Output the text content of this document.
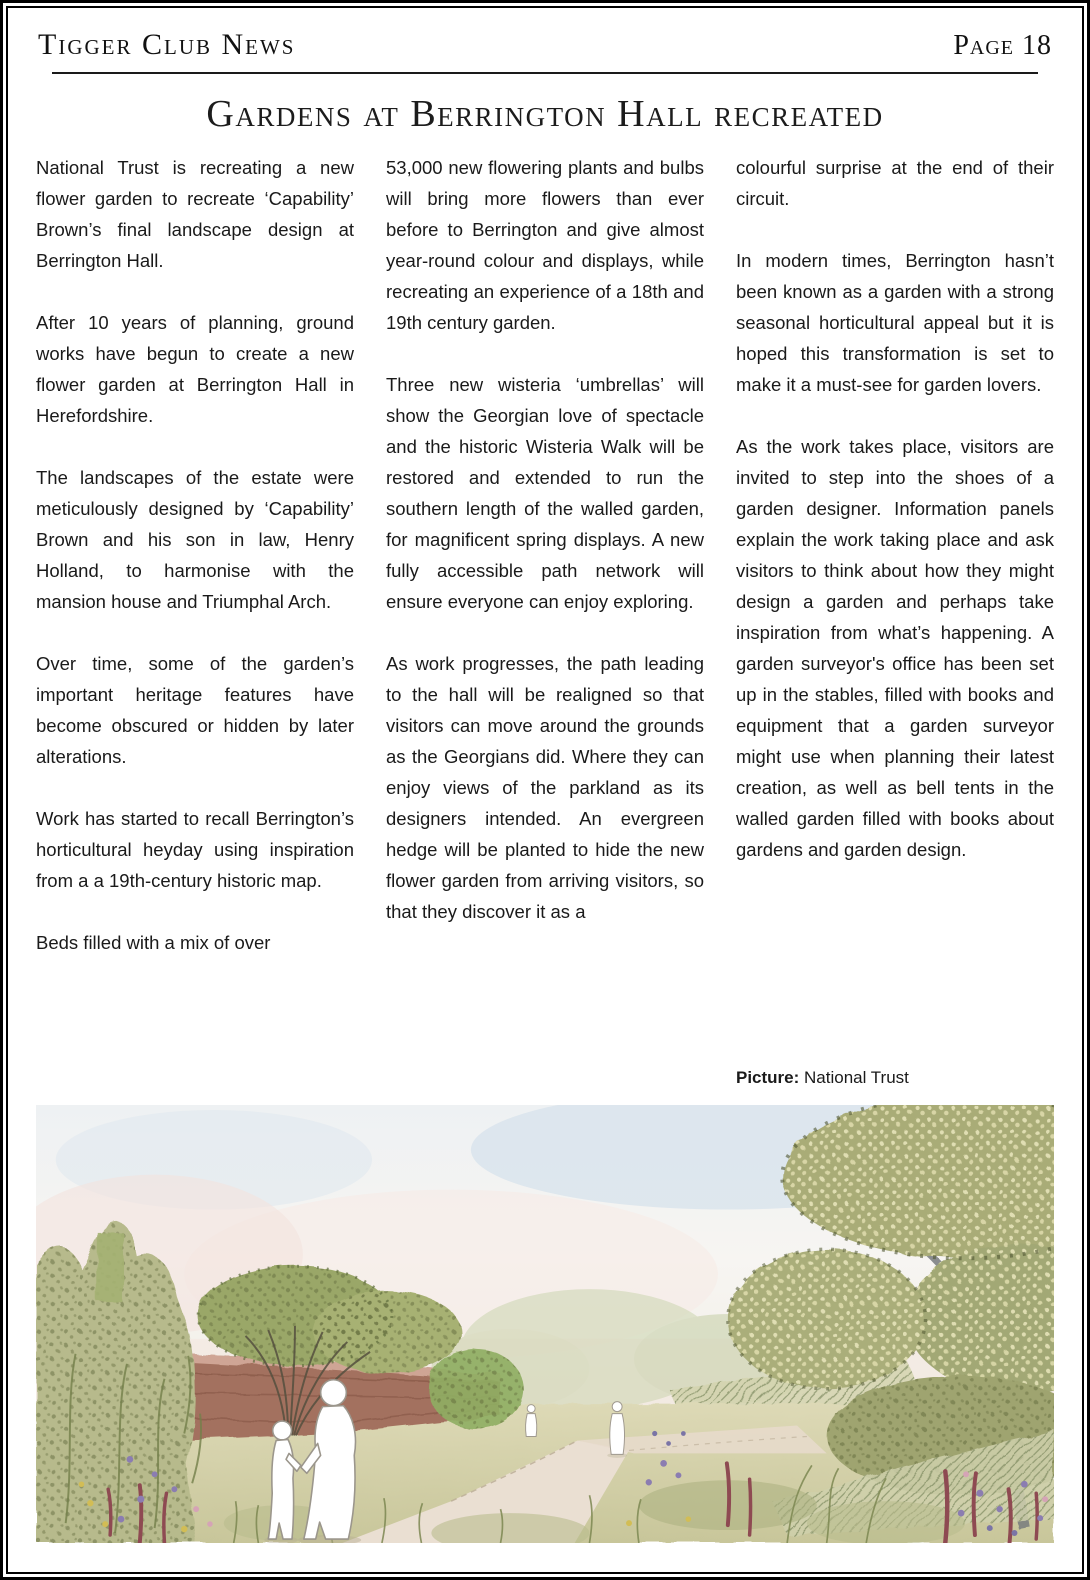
Tigger Club News	Page 18
Gardens at Berrington Hall recreated

National Trust is recreating a new flower garden to recreate ‘Capability’ Brown’s final landscape design at Berrington Hall.

After 10 years of planning, ground works have begun to create a new flower garden at Berrington Hall in Herefordshire.

The landscapes of the estate were meticulously designed by ‘Capability’ Brown and his son in law, Henry Holland, to harmonise with the mansion house and Triumphal Arch.

Over time, some of the garden’s important heritage features have become obscured or hidden by later alterations.

Work has started to recall Berrington’s horticultural heyday using inspiration from a a 19th-century historic map.

Beds filled with a mix of over

53,000 new flowering plants and bulbs will bring more flowers than ever before to Berrington and give almost year-round colour and displays, while recreating an experience of a 18th and 19th century garden.

Three new wisteria ‘umbrellas’ will show the Georgian love of spectacle and the historic Wisteria Walk will be restored and extended to run the southern length of the walled garden, for magnificent spring displays. A new fully accessible path network will ensure everyone can enjoy exploring.

As work progresses, the path leading to the hall will be realigned so that visitors can move around the grounds as the Georgians did. Where they can enjoy views of the parkland as its designers intended. An evergreen hedge will be planted to hide the new flower garden from arriving visitors, so that they discover it as a

colourful surprise at the end of their circuit.

In modern times, Berrington hasn’t been known as a garden with a strong seasonal horticultural appeal but it is hoped this transformation is set to make it a must-see for garden lovers.

As the work takes place, visitors are invited to step into the shoes of a garden designer. Information panels explain the work taking place and ask visitors to think about how they might design a garden and perhaps take inspiration from what’s happening. A garden surveyor's office has been set up in the stables, filled with books and equipment that a garden surveyor might use when planning their latest creation, as well as bell tents in the walled garden filled with books about gardens and garden design.

Picture: National Trust
